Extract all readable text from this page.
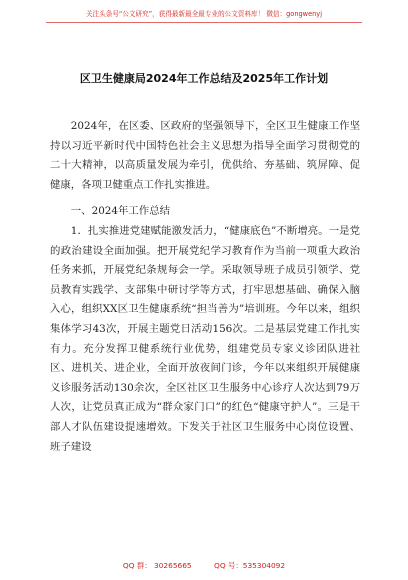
关注头条号“公文研究”，获得最新最全最专业的公文资料库！ 微信：gongwenyj
区卫生健康局2024年工作总结及2025年工作计划

2024年，在区委、区政府的坚强领导下，全区卫生健康工作坚持以习近平新时代中国特色社会主义思想为指导全面学习贯彻党的二十大精神，以高质量发展为牵引，优供给、夯基础、筑屏障、促健康，各项卫健重点工作扎实推进。

一、2024年工作总结

1．扎实推进党建赋能激发活力，“健康底色”不断增亮。一是党的政治建设全面加强。把开展党纪学习教育作为当前一项重大政治任务来抓，开展党纪条规每会一学。采取领导班子成员引领学、党员教育实践学、支部集中研讨学等方式，打牢思想基础、确保入脑入心，组织XX区卫生健康系统“担当善为”培训班。今年以来，组织集体学习43次，开展主题党日活动156次。二是基层党建工作扎实有力。充分发挥卫健系统行业优势，组建党员专家义诊团队进社区、进机关、进企业，全面开放夜间门诊，今年以来组织开展健康义诊服务活动130余次，全区社区卫生服务中心诊疗人次达到79万人次，让党员真正成为“群众家门口”的红色“健康守护人”。三是干部人才队伍建设提速增效。下发关于社区卫生服务中心岗位设置、班子建设

QQ 群： 30265665	QQ 号：535304092
